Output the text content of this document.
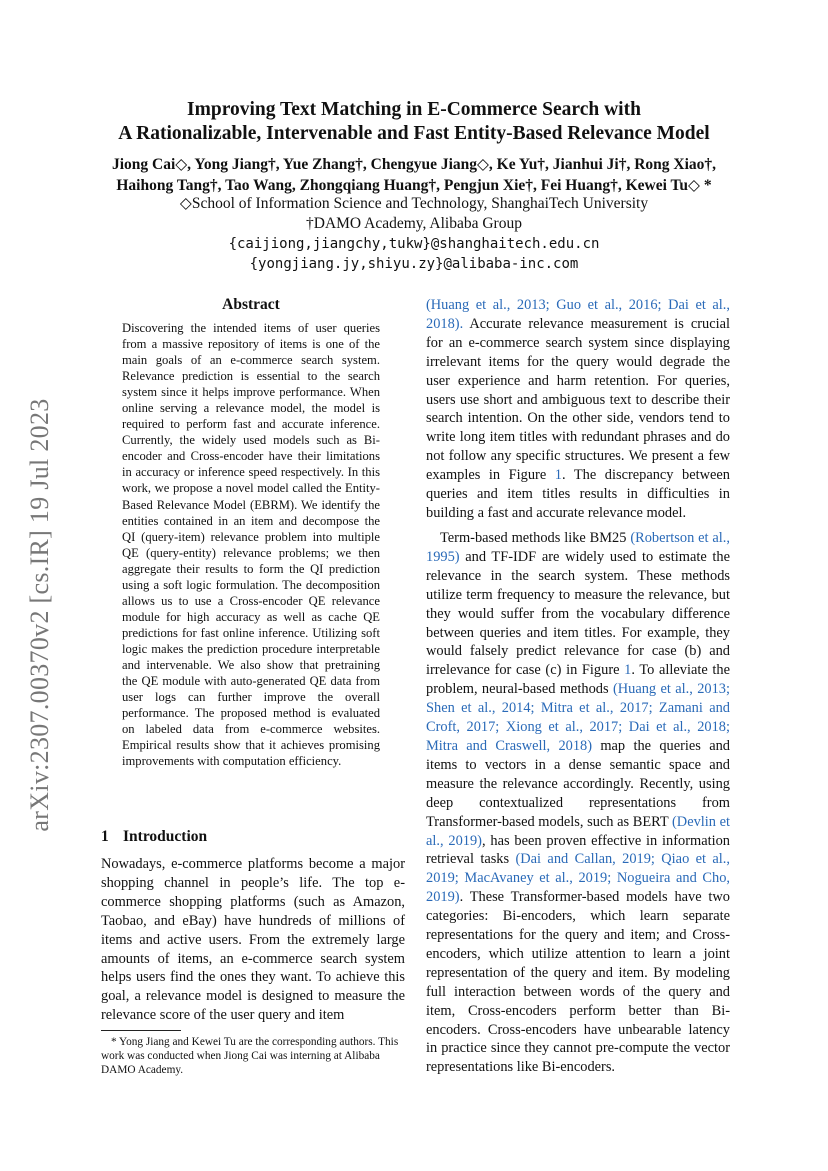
Improving Text Matching in E-Commerce Search with
A Rationalizable, Intervenable and Fast Entity-Based Relevance Model
Jiong Cai◇, Yong Jiang†, Yue Zhang†, Chengyue Jiang◇, Ke Yu†, Jianhui Ji†, Rong Xiao†,
Haihong Tang†, Tao Wang, Zhongqiang Huang†, Pengjun Xie†, Fei Huang†, Kewei Tu◇ *
◇School of Information Science and Technology, ShanghaiTech University
†DAMO Academy, Alibaba Group
{caijiong,jiangchy,tukw}@shanghaitech.edu.cn
{yongjiang.jy,shiyu.zy}@alibaba-inc.com
arXiv:2307.00370v2 [cs.IR] 19 Jul 2023
Abstract
Discovering the intended items of user queries from a massive repository of items is one of the main goals of an e-commerce search system. Relevance prediction is essential to the search system since it helps improve performance. When online serving a relevance model, the model is required to perform fast and accurate inference. Currently, the widely used models such as Bi-encoder and Cross-encoder have their limitations in accuracy or inference speed respectively. In this work, we propose a novel model called the Entity-Based Relevance Model (EBRM). We identify the entities contained in an item and decompose the QI (query-item) relevance problem into multiple QE (query-entity) relevance problems; we then aggregate their results to form the QI prediction using a soft logic formulation. The decomposition allows us to use a Cross-encoder QE relevance module for high accuracy as well as cache QE predictions for fast online inference. Utilizing soft logic makes the prediction procedure interpretable and intervenable. We also show that pretraining the QE module with auto-generated QE data from user logs can further improve the overall performance. The proposed method is evaluated on labeled data from e-commerce websites. Empirical results show that it achieves promising improvements with computation efficiency.
1 Introduction
Nowadays, e-commerce platforms become a major shopping channel in people’s life. The top e-commerce shopping platforms (such as Amazon, Taobao, and eBay) have hundreds of millions of items and active users. From the extremely large amounts of items, an e-commerce search system helps users find the ones they want. To achieve this goal, a relevance model is designed to measure the relevance score of the user query and item
* Yong Jiang and Kewei Tu are the corresponding authors. This work was conducted when Jiong Cai was interning at Alibaba DAMO Academy.
(Huang et al., 2013; Guo et al., 2016; Dai et al., 2018). Accurate relevance measurement is crucial for an e-commerce search system since displaying irrelevant items for the query would degrade the user experience and harm retention. For queries, users use short and ambiguous text to describe their search intention. On the other side, vendors tend to write long item titles with redundant phrases and do not follow any specific structures. We present a few examples in Figure 1. The discrepancy between queries and item titles results in difficulties in building a fast and accurate relevance model.
Term-based methods like BM25 (Robertson et al., 1995) and TF-IDF are widely used to estimate the relevance in the search system. These methods utilize term frequency to measure the relevance, but they would suffer from the vocabulary difference between queries and item titles. For example, they would falsely predict relevance for case (b) and irrelevance for case (c) in Figure 1. To alleviate the problem, neural-based methods (Huang et al., 2013; Shen et al., 2014; Mitra et al., 2017; Zamani and Croft, 2017; Xiong et al., 2017; Dai et al., 2018; Mitra and Craswell, 2018) map the queries and items to vectors in a dense semantic space and measure the relevance accordingly. Recently, using deep contextualized representations from Transformer-based models, such as BERT (Devlin et al., 2019), has been proven effective in information retrieval tasks (Dai and Callan, 2019; Qiao et al., 2019; MacAvaney et al., 2019; Nogueira and Cho, 2019). These Transformer-based models have two categories: Bi-encoders, which learn separate representations for the query and item; and Cross-encoders, which utilize attention to learn a joint representation of the query and item. By modeling full interaction between words of the query and item, Cross-encoders perform better than Bi-encoders. Cross-encoders have unbearable latency in practice since they cannot pre-compute the vector representations like Bi-encoders.
